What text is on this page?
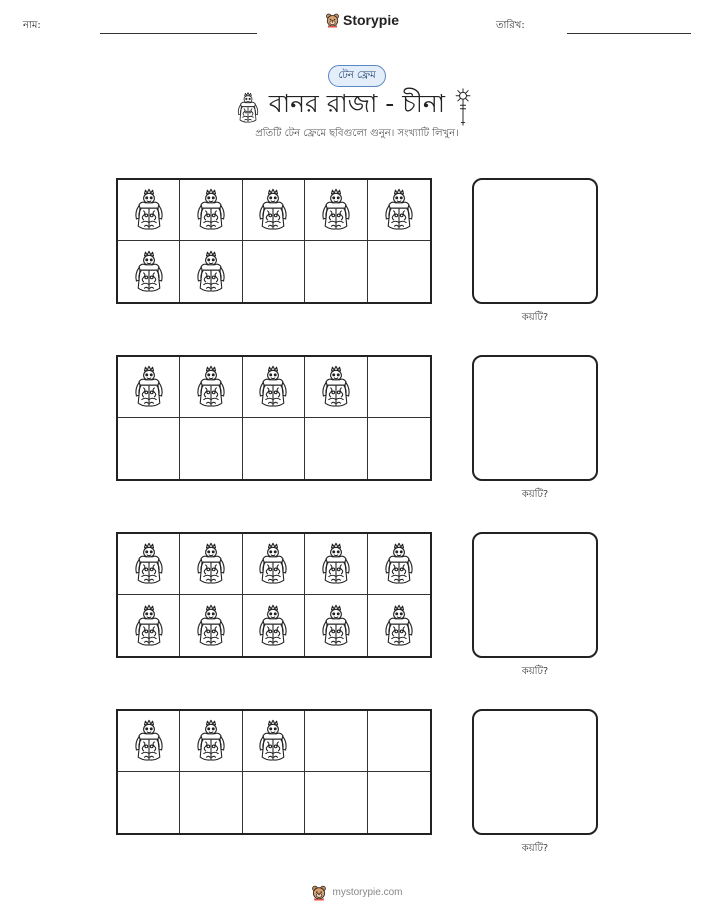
নাম:	Storypie	তারিখ:
টেন ফ্রেম
বানর রাজা - চীনা
প্রতিটি টেন ফ্রেমে ছবিগুলো গুনুন। সংখ্যাটি লিখুন।
কয়টি?
কয়টি?
কয়টি?
কয়টি?
mystorypie.com
